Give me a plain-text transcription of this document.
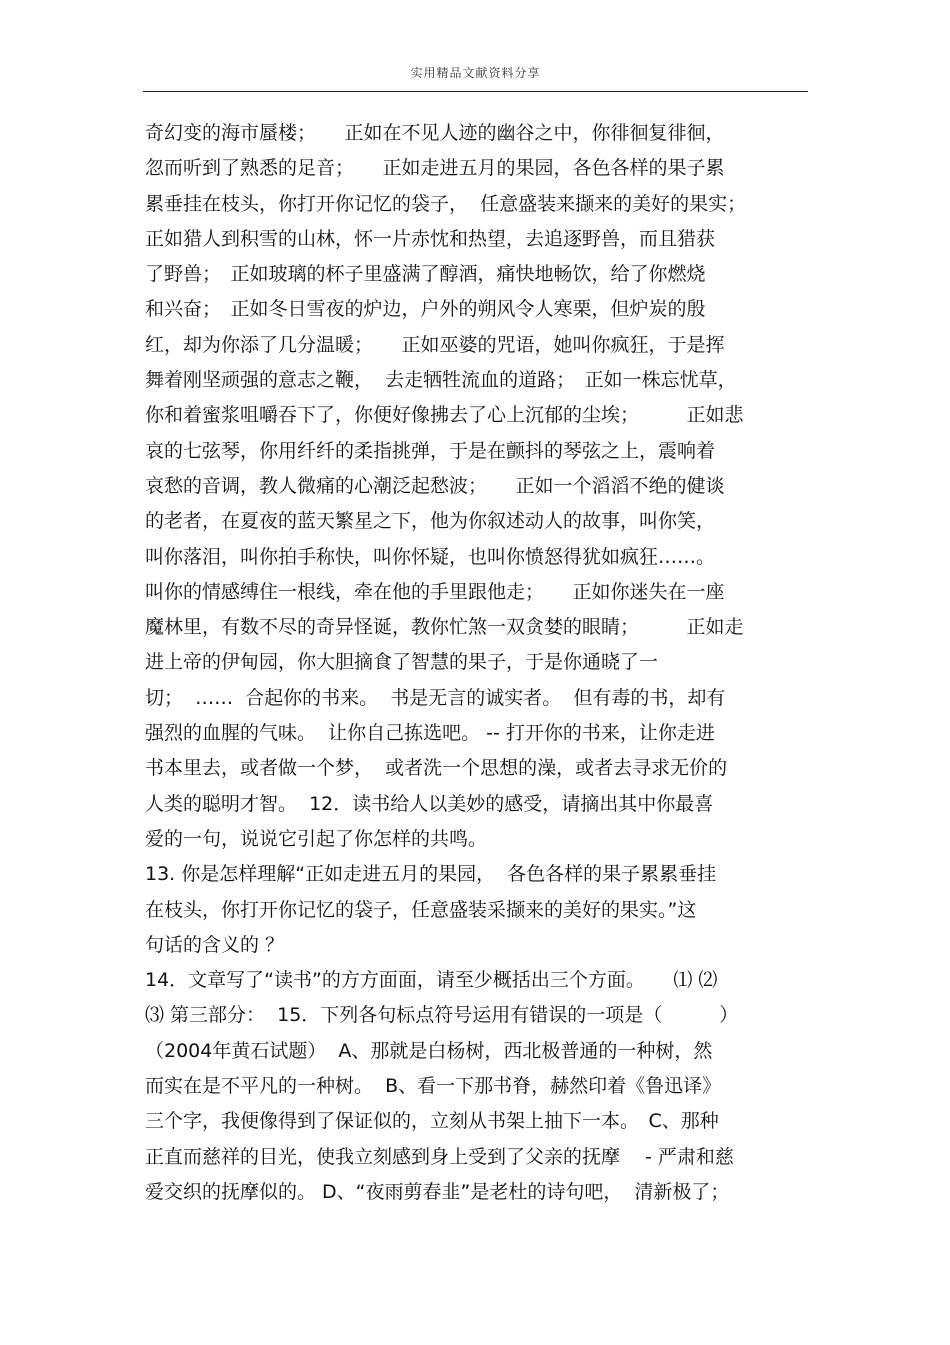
实用精品文献资料分享
奇幻变的海市蜃楼；　　正如在不见人迹的幽谷之中，你徘徊复徘徊，
忽而听到了熟悉的足音；　　正如走进五月的果园，各色各样的果子累
累垂挂在枝头，你打开你记忆的袋子，  任意盛装来撷来的美好的果实；
正如猎人到积雪的山林，怀一片赤忱和热望，去追逐野兽，而且猎获
了野兽；　正如玻璃的杯子里盛满了醇酒，痛快地畅饮，给了你燃烧
和兴奋；　正如冬日雪夜的炉边，户外的朔风令人寒栗，但炉炭的殷
红，却为你添了几分温暖；　　正如巫婆的咒语，她叫你疯狂，于是挥
舞着刚坚顽强的意志之鞭，  去走牺牲流血的道路；　正如一株忘忧草，
你和着蜜浆咀嚼吞下了，你便好像拂去了心上沉郁的尘埃；　　　正如悲
哀的七弦琴，你用纤纤的柔指挑弹，于是在颤抖的琴弦之上，震响着
哀愁的音调，教人微痛的心潮泛起愁波；　　正如一个滔滔不绝的健谈
的老者，在夏夜的蓝天繁星之下，他为你叙述动人的故事，叫你笑，
叫你落泪，叫你拍手称快，叫你怀疑，也叫你愤怒得犹如疯狂……。
叫你的情感缚住一根线，牵在他的手里跟他走；　　正如你迷失在一座
魔林里，有数不尽的奇异怪诞，教你忙煞一双贪婪的眼睛；　　　正如走
进上帝的伊甸园，你大胆摘食了智慧的果子，于是你通晓了一
切；  ……  合起你的书来。  书是无言的诚实者。  但有毒的书，却有
强烈的血腥的气味。  让你自己拣选吧。 -- 打开你的书来，让你走进
书本里去，或者做一个梦，  或者洗一个思想的澡，或者去寻求无价的
人类的聪明才智。  12．读书给人以美妙的感受，请摘出其中你最喜
爱的一句，说说它引起了你怎样的共鸣。
13. 你是怎样理解“正如走进五月的果园，  各色各样的果子累累垂挂
在枝头，你打开你记忆的袋子，任意盛装采撷来的美好的果实。”这
句话的含义的 ？
14．文章写了“读书”的方方面面，请至少概括出三个方面。　　⑴ ⑵
⑶ 第三部分：  15．下列各句标点符号运用有错误的一项是（　　　）
（2004年黄石试题）  A、那就是白杨树，西北极普通的一种树，然
而实在是不平凡的一种树。  B、看一下那书脊，赫然印着《鲁迅译》
三个字，我便像得到了保证似的，立刻从书架上抽下一本。　C、那种
正直而慈祥的目光，使我立刻感到身上受到了父亲的抚摩　 - 严肃和慈
爱交织的抚摩似的。 D、“夜雨剪春韭”是老杜的诗句吧，  清新极了；
